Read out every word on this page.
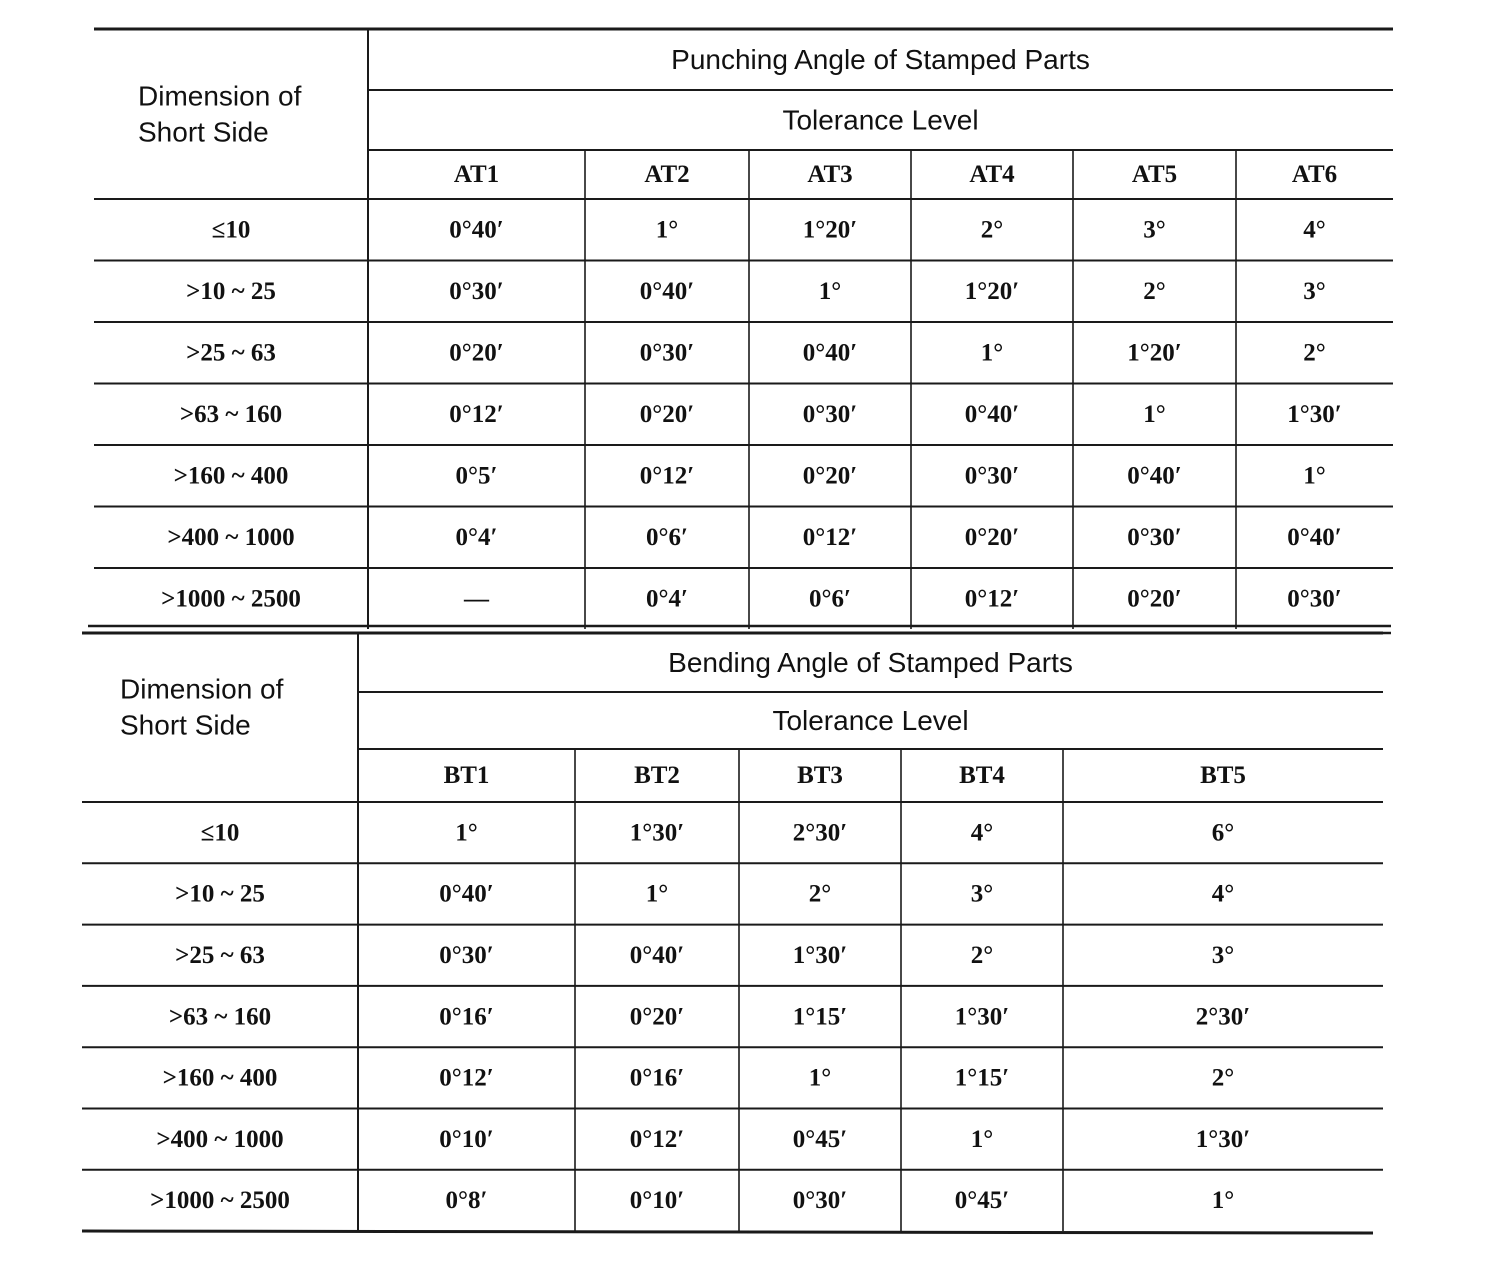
Punching Angle of Stamped Parts
Tolerance Level
Dimension of
Short Side
AT1	AT2	AT3	AT4	AT5	AT6
≤10	0°40′	1°	1°20′	2°	3°	4°
>10 ~ 25	0°30′	0°40′	1°	1°20′	2°	3°
>25 ~ 63	0°20′	0°30′	0°40′	1°	1°20′	2°
>63 ~ 160	0°12′	0°20′	0°30′	0°40′	1°	1°30′
>160 ~ 400	0°5′	0°12′	0°20′	0°30′	0°40′	1°
>400 ~ 1000	0°4′	0°6′	0°12′	0°20′	0°30′	0°40′
>1000 ~ 2500	—	0°4′	0°6′	0°12′	0°20′	0°30′
Bending Angle of Stamped Parts
Tolerance Level
Dimension of
Short Side
BT1	BT2	BT3	BT4	BT5
≤10	1°	1°30′	2°30′	4°	6°
>10 ~ 25	0°40′	1°	2°	3°	4°
>25 ~ 63	0°30′	0°40′	1°30′	2°	3°
>63 ~ 160	0°16′	0°20′	1°15′	1°30′	2°30′
>160 ~ 400	0°12′	0°16′	1°	1°15′	2°
>400 ~ 1000	0°10′	0°12′	0°45′	1°	1°30′
>1000 ~ 2500	0°8′	0°10′	0°30′	0°45′	1°
